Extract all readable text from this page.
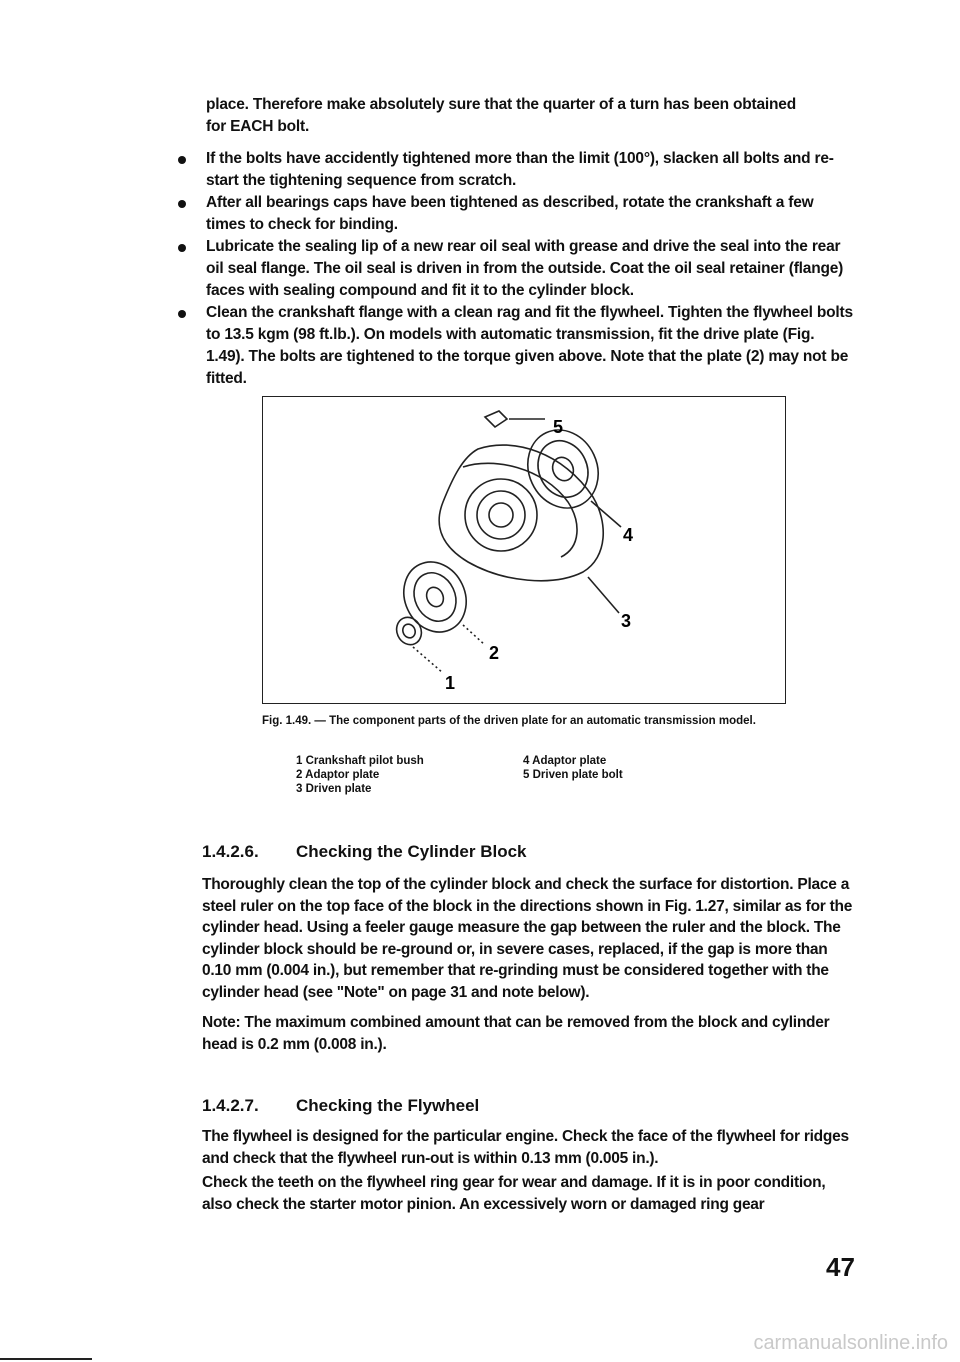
place. Therefore make absolutely sure that the quarter of a turn has been obtained

for EACH bolt.

If the bolts have accidently tightened more than the limit (100°), slacken all bolts and re-start the tightening sequence from scratch.
After all bearings caps have been tightened as described, rotate the crankshaft a few times to check for binding.
Lubricate the sealing lip of a new rear oil seal with grease and drive the seal into the rear oil seal flange. The oil seal is driven in from the outside. Coat the oil seal retainer (flange) faces with sealing compound and fit it to the cylinder block.
Clean the crankshaft flange with a clean rag and fit the flywheel. Tighten the flywheel bolts to 13.5 kgm (98 ft.lb.). On models with automatic transmission, fit the drive plate (Fig. 1.49). The bolts are tightened to the torque given above. Note that the plate (2) may not be fitted.
5
4
3
2
1
Fig. 1.49. — The component parts of the driven plate for an automatic transmission model.
1 Crankshaft pilot bush
2 Adaptor plate
3 Driven plate
4 Adaptor plate
5 Driven plate bolt
1.4.2.6. Checking the Cylinder Block

Thoroughly clean the top of the cylinder block and check the surface for distortion. Place a steel ruler on the top face of the block in the directions shown in Fig. 1.27, similar as for the cylinder head. Using a feeler gauge measure the gap between the ruler and the block. The cylinder block should be re-ground or, in severe cases, replaced, if the gap is more than 0.10 mm (0.004 in.), but remember that re-grinding must be considered together with the cylinder head (see "Note" on page 31 and note below).

Note: The maximum combined amount that can be removed from the block and cylinder head is 0.2 mm (0.008 in.).

1.4.2.7. Checking the Flywheel

The flywheel is designed for the particular engine. Check the face of the flywheel for ridges and check that the flywheel run-out is within 0.13 mm (0.005 in.).

Check the teeth on the flywheel ring gear for wear and damage. If it is in poor condition, also check the starter motor pinion. An excessively worn or damaged ring gear

47
carmanualsonline.info
